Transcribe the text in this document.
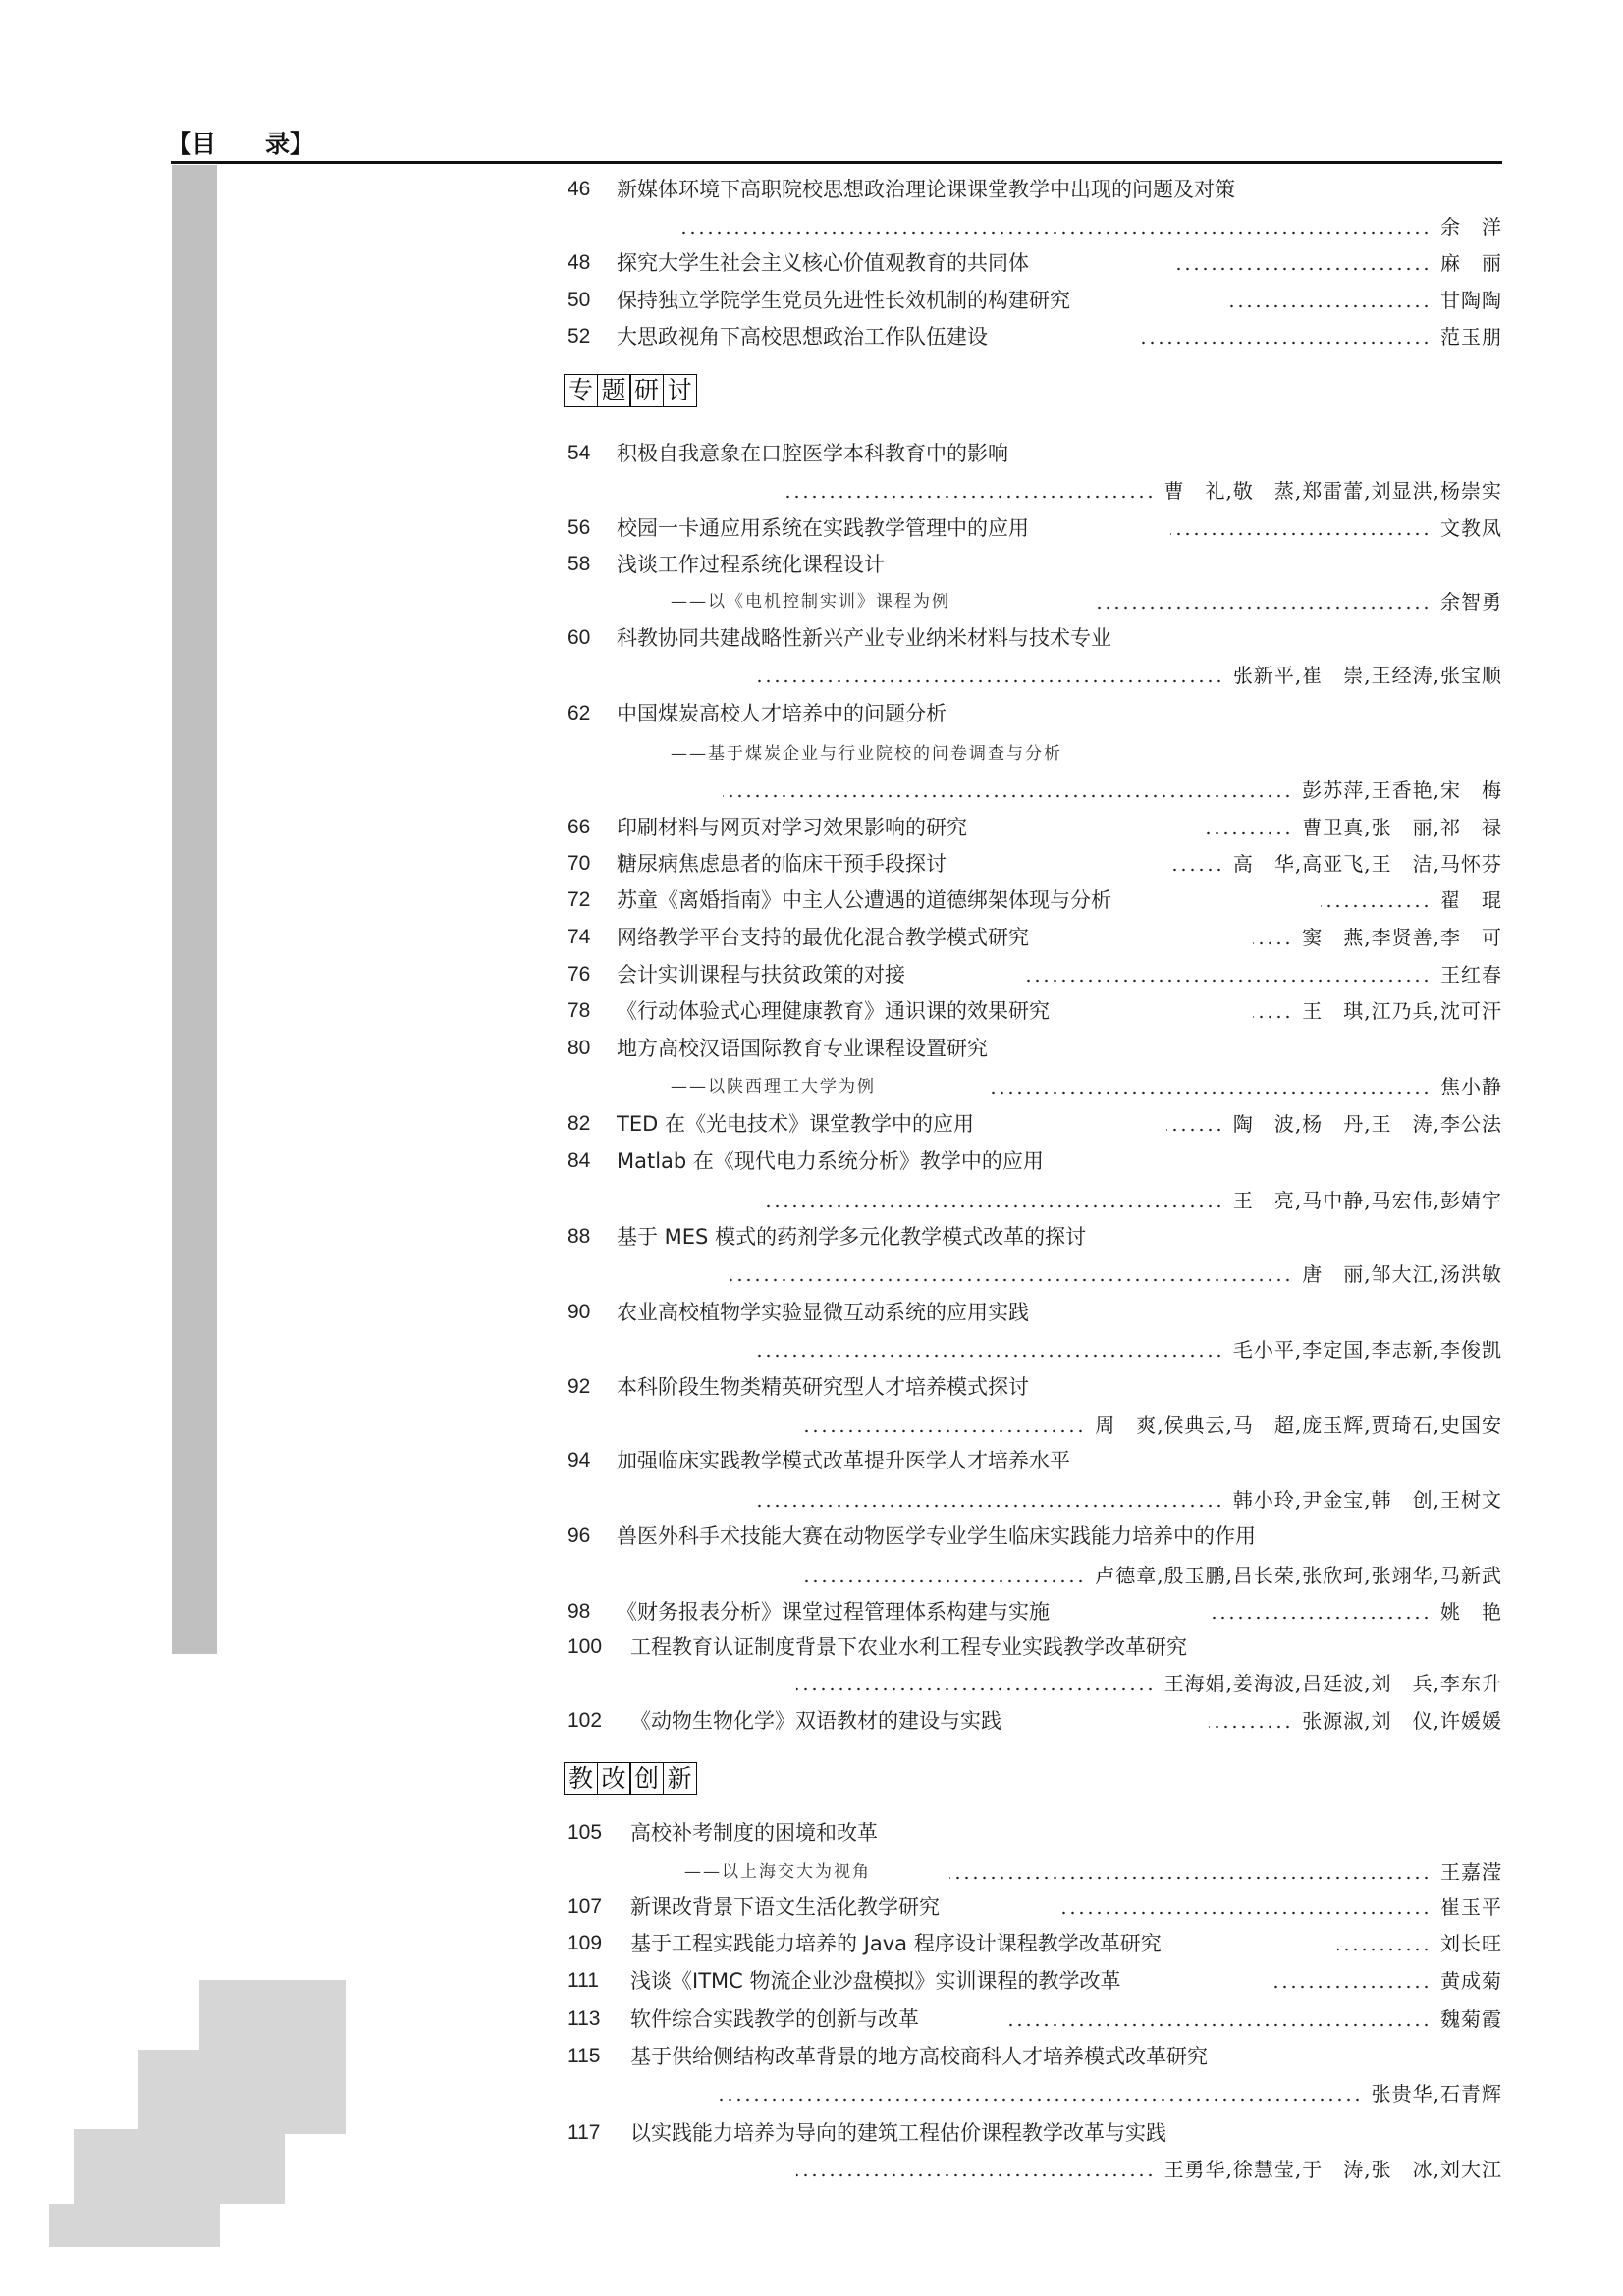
【目　　录】
46 新媒体环境下高职院校思想政治理论课课堂教学中出现的问题及对策
余　洋
48 探究大学生社会主义核心价值观教育的共同体	麻　丽
50 保持独立学院学生党员先进性长效机制的构建研究	甘陶陶
52 大思政视角下高校思想政治工作队伍建设	范玉朋
专 题 研 讨
54 积极自我意象在口腔医学本科教育中的影响
曹　礼,敬　蒸,郑雷蕾,刘显洪,杨崇实
56 校园一卡通应用系统在实践教学管理中的应用	文教凤
58 浅谈工作过程系统化课程设计
——以《电机控制实训》课程为例	余智勇
60 科教协同共建战略性新兴产业专业纳米材料与技术专业
张新平,崔　崇,王经涛,张宝顺
62 中国煤炭高校人才培养中的问题分析
——基于煤炭企业与行业院校的问卷调查与分析
彭苏萍,王香艳,宋　梅
66 印刷材料与网页对学习效果影响的研究	曹卫真,张　丽,祁　禄
70 糖尿病焦虑患者的临床干预手段探讨	高　华,高亚飞,王　洁,马怀芬
72 苏童《离婚指南》中主人公遭遇的道德绑架体现与分析	翟　琨
74 网络教学平台支持的最优化混合教学模式研究	窦　燕,李贤善,李　可
76 会计实训课程与扶贫政策的对接	王红春
78 《行动体验式心理健康教育》通识课的效果研究	王　琪,江乃兵,沈可汗
80 地方高校汉语国际教育专业课程设置研究
——以陕西理工大学为例	焦小静
82 TED 在《光电技术》课堂教学中的应用	陶　波,杨　丹,王　涛,李公法
84 Matlab 在《现代电力系统分析》教学中的应用
王　亮,马中静,马宏伟,彭婧宇
88 基于 MES 模式的药剂学多元化教学模式改革的探讨
唐　丽,邹大江,汤洪敏
90 农业高校植物学实验显微互动系统的应用实践
毛小平,李定国,李志新,李俊凯
92 本科阶段生物类精英研究型人才培养模式探讨
周　爽,侯典云,马　超,庞玉辉,贾琦石,史国安
94 加强临床实践教学模式改革提升医学人才培养水平
韩小玲,尹金宝,韩　创,王树文
96 兽医外科手术技能大赛在动物医学专业学生临床实践能力培养中的作用
卢德章,殷玉鹏,吕长荣,张欣珂,张翊华,马新武
98 《财务报表分析》课堂过程管理体系构建与实施	姚　艳
100 工程教育认证制度背景下农业水利工程专业实践教学改革研究
王海娟,姜海波,吕廷波,刘　兵,李东升
102 《动物生物化学》双语教材的建设与实践	张源淑,刘　仪,许媛媛
教 改 创 新
105 高校补考制度的困境和改革
——以上海交大为视角	王嘉滢
107 新课改背景下语文生活化教学研究	崔玉平
109 基于工程实践能力培养的 Java 程序设计课程教学改革研究	刘长旺
111 浅谈《ITMC 物流企业沙盘模拟》实训课程的教学改革	黄成菊
113 软件综合实践教学的创新与改革	魏菊霞
115 基于供给侧结构改革背景的地方高校商科人才培养模式改革研究
张贵华,石青辉
117 以实践能力培养为导向的建筑工程估价课程教学改革与实践
王勇华,徐慧莹,于　涛,张　冰,刘大江
